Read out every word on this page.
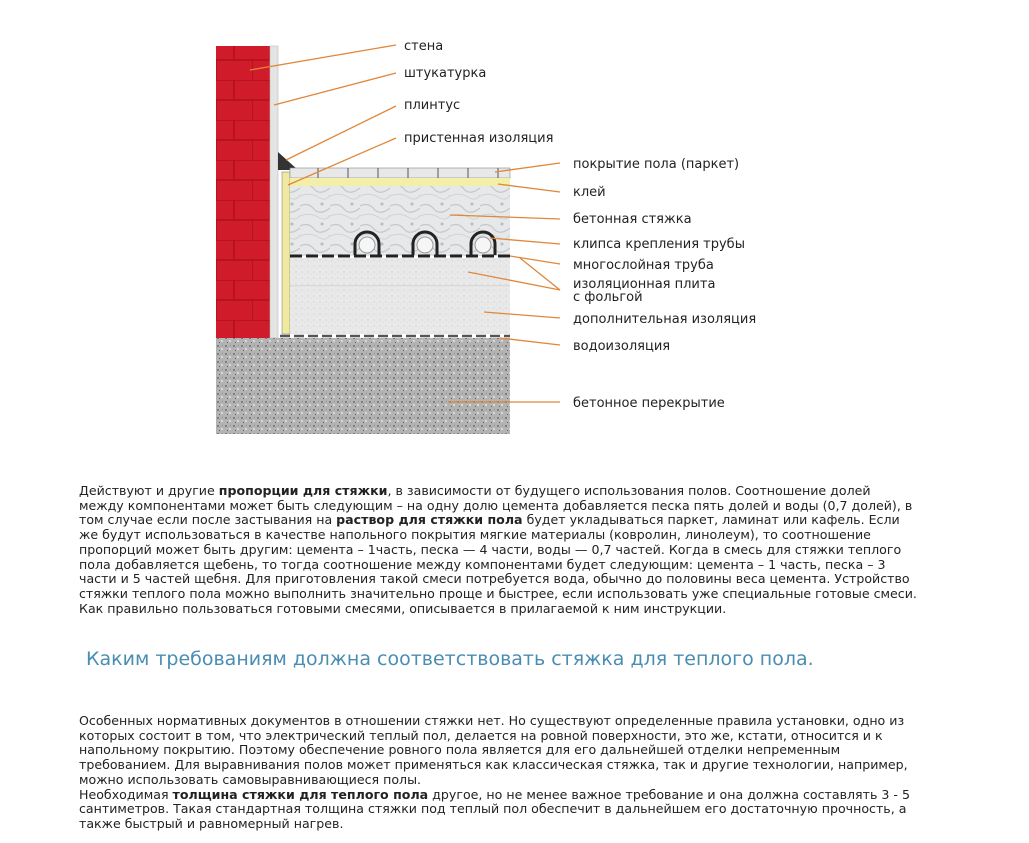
стена
штукатурка
плинтус
пристенная изоляция
покрытие пола (паркет)
клей
бетонная стяжка
клипса крепления трубы
многослойная труба
изоляционная плита
с фольгой
дополнительная изоляция
водоизоляция
бетонное перекрытие

Действуют и другие пропорции для стяжки, в зависимости от будущего использования полов. Соотношение долей между компонентами может быть следующим – на одну долю цемента добавляется песка пять долей и воды (0,7 долей), в том случае если после застывания на раствор для стяжки пола будет укладываться паркет, ламинат или кафель. Если же будут использоваться в качестве напольного покрытия мягкие материалы (ковролин, линолеум), то соотношение пропорций может быть другим: цемента – 1часть, песка — 4 части, воды — 0,7 частей. Когда в смесь для стяжки теплого пола добавляется щебень, то тогда соотношение между компонентами будет следующим: цемента – 1 часть, песка – 3 части и 5 частей щебня. Для приготовления такой смеси потребуется вода, обычно до половины веса цемента. Устройство стяжки теплого пола можно выполнить значительно проще и быстрее, если использовать уже специальные готовые смеси. Как правильно пользоваться готовыми смесями, описывается в прилагаемой к ним инструкции.

Каким требованиям должна соответствовать стяжка для теплого пола.

Особенных нормативных документов в отношении стяжки нет. Но существуют определенные правила установки, одно из которых состоит в том, что электрический теплый пол, делается на ровной поверхности, это же, кстати, относится и к напольному покрытию. Поэтому обеспечение ровного пола является для его дальнейшей отделки непременным требованием. Для выравнивания полов может применяться как классическая стяжка, так и другие технологии, например, можно использовать самовыравнивающиеся полы.
Необходимая толщина стяжки для теплого пола другое, но не менее важное требование и она должна составлять 3 - 5 сантиметров. Такая стандартная толщина стяжки под теплый пол обеспечит в дальнейшем его достаточную прочность, а также быстрый и равномерный нагрев.
